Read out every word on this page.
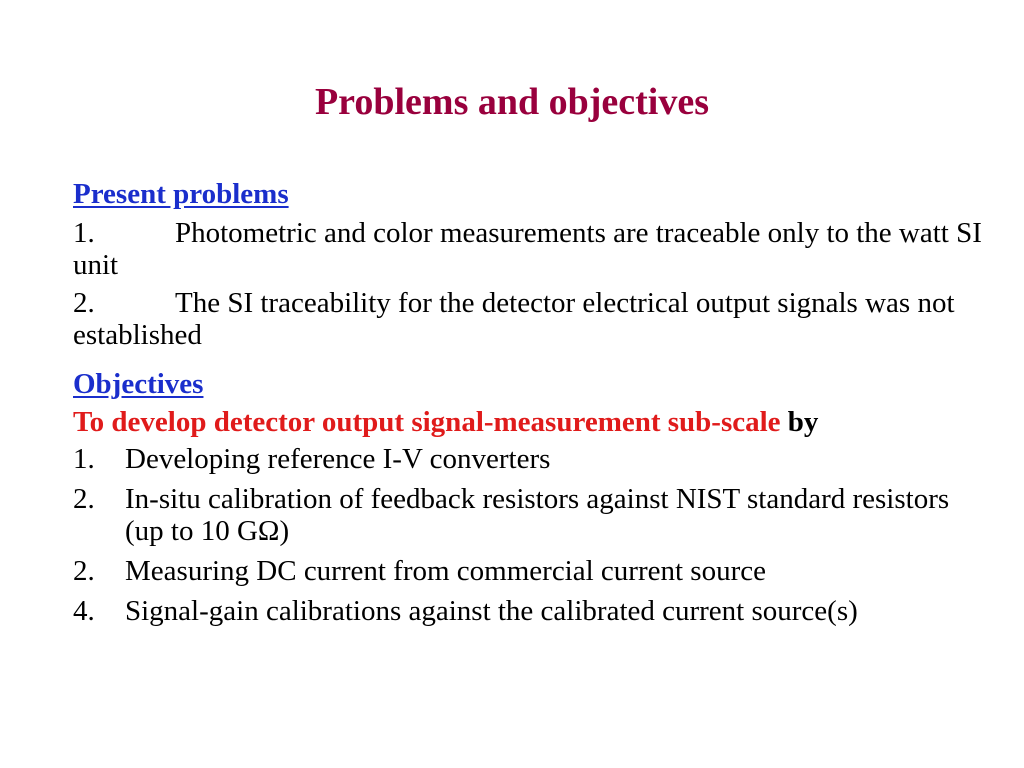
Problems and objectives

Present problems

1.	Photometric and color measurements are traceable only to the watt SI unit

2.	The SI traceability for the detector electrical output signals was not established

Objectives

To develop detector output signal-measurement sub-scale by

1.	Developing reference I-V converters
2.	In-situ calibration of feedback resistors against NIST standard resistors (up to 10 GΩ)
2.	Measuring DC current from commercial current source
4.	Signal-gain calibrations against the calibrated current source(s)
